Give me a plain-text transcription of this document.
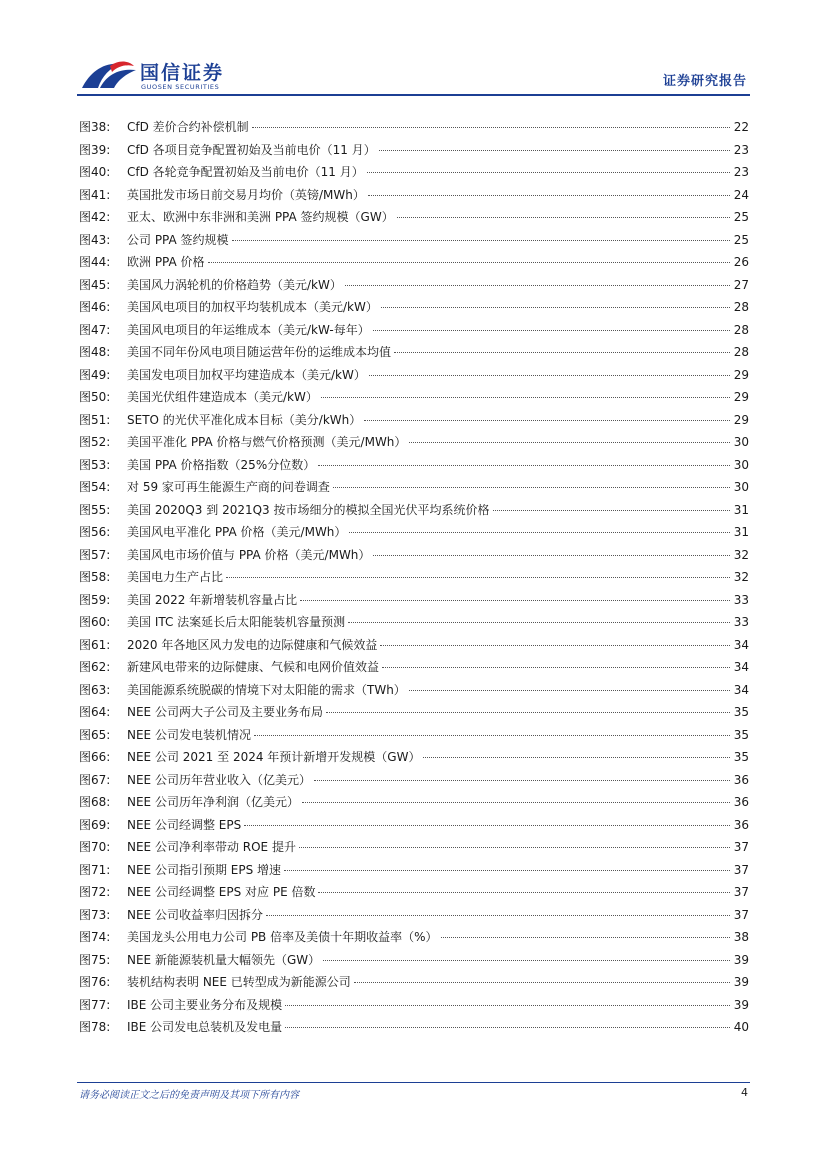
国信证券
GUOSEN SECURITIES	证券研究报告
图38:	CfD 差价合约补偿机制	22
图39:	CfD 各项目竞争配置初始及当前电价（11 月）	23
图40:	CfD 各轮竞争配置初始及当前电价（11 月）	23
图41:	英国批发市场日前交易月均价（英镑/MWh）	24
图42:	亚太、欧洲中东非洲和美洲 PPA 签约规模（GW）	25
图43:	公司 PPA 签约规模	25
图44:	欧洲 PPA 价格	26
图45:	美国风力涡轮机的价格趋势（美元/kW）	27
图46:	美国风电项目的加权平均装机成本（美元/kW）	28
图47:	美国风电项目的年运维成本（美元/kW-每年）	28
图48:	美国不同年份风电项目随运营年份的运维成本均值	28
图49:	美国发电项目加权平均建造成本（美元/kW）	29
图50:	美国光伏组件建造成本（美元/kW）	29
图51:	SETO 的光伏平准化成本目标（美分/kWh）	29
图52:	美国平准化 PPA 价格与燃气价格预测（美元/MWh）	30
图53:	美国 PPA 价格指数（25%分位数）	30
图54:	对 59 家可再生能源生产商的问卷调查	30
图55:	美国 2020Q3 到 2021Q3 按市场细分的模拟全国光伏平均系统价格	31
图56:	美国风电平准化 PPA 价格（美元/MWh）	31
图57:	美国风电市场价值与 PPA 价格（美元/MWh）	32
图58:	美国电力生产占比	32
图59:	美国 2022 年新增装机容量占比	33
图60:	美国 ITC 法案延长后太阳能装机容量预测	33
图61:	2020 年各地区风力发电的边际健康和气候效益	34
图62:	新建风电带来的边际健康、气候和电网价值效益	34
图63:	美国能源系统脱碳的情境下对太阳能的需求（TWh）	34
图64:	NEE 公司两大子公司及主要业务布局	35
图65:	NEE 公司发电装机情况	35
图66:	NEE 公司 2021 至 2024 年预计新增开发规模（GW）	35
图67:	NEE 公司历年营业收入（亿美元）	36
图68:	NEE 公司历年净利润（亿美元）	36
图69:	NEE 公司经调整 EPS	36
图70:	NEE 公司净利率带动 ROE 提升	37
图71:	NEE 公司指引预期 EPS 增速	37
图72:	NEE 公司经调整 EPS 对应 PE 倍数	37
图73:	NEE 公司收益率归因拆分	37
图74:	美国龙头公用电力公司 PB 倍率及美债十年期收益率（%）	38
图75:	NEE 新能源装机量大幅领先（GW）	39
图76:	装机结构表明 NEE 已转型成为新能源公司	39
图77:	IBE 公司主要业务分布及规模	39
图78:	IBE 公司发电总装机及发电量	40
请务必阅读正文之后的免责声明及其项下所有内容	4
